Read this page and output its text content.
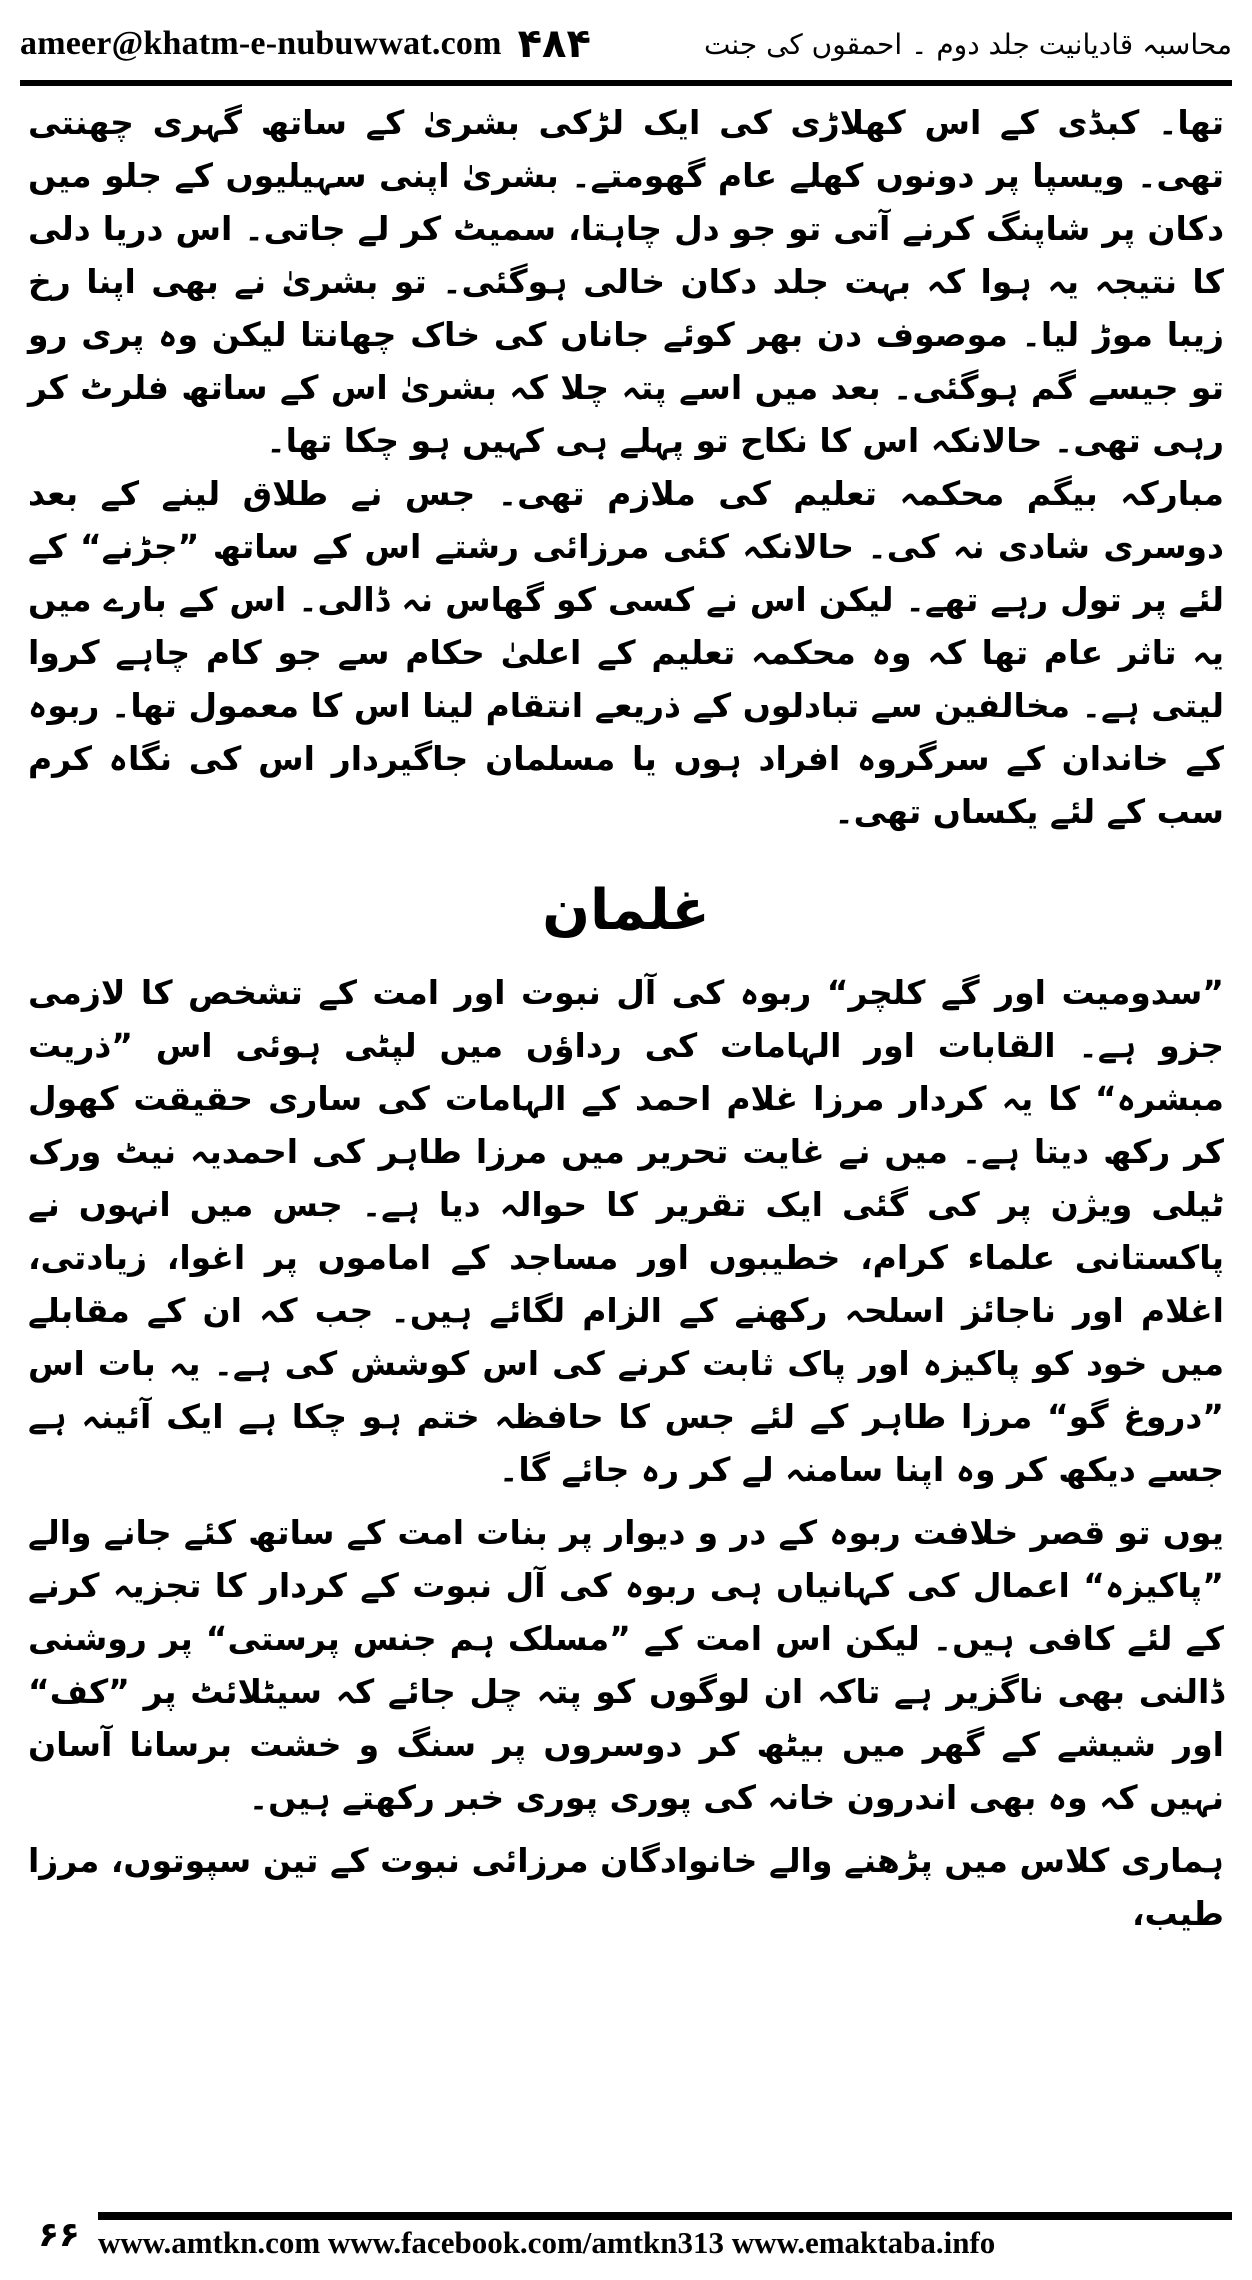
ameer@khatm-e-nubuwwat.com ۴۸۴	محاسبہ قادیانیت جلد دوم ۔ احمقوں کی جنت

تھا۔ کبڈی کے اس کھلاڑی کی ایک لڑکی بشریٰ کے ساتھ گہری چھنتی تھی۔ ویسپا پر دونوں کھلے عام گھومتے۔ بشریٰ اپنی سہیلیوں کے جلو میں دکان پر شاپنگ کرنے آتی تو جو دل چاہتا، سمیٹ کر لے جاتی۔ اس دریا دلی کا نتیجہ یہ ہوا کہ بہت جلد دکان خالی ہوگئی۔ تو بشریٰ نے بھی اپنا رخ زیبا موڑ لیا۔ موصوف دن بھر کوئے جاناں کی خاک چھانتا لیکن وہ پری رو تو جیسے گم ہوگئی۔ بعد میں اسے پتہ چلا کہ بشریٰ اس کے ساتھ فلرٹ کر رہی تھی۔ حالانکہ اس کا نکاح تو پہلے ہی کہیں ہو چکا تھا۔

مبارکہ بیگم محکمہ تعلیم کی ملازم تھی۔ جس نے طلاق لینے کے بعد دوسری شادی نہ کی۔ حالانکہ کئی مرزائی رشتے اس کے ساتھ ”جڑنے“ کے لئے پر تول رہے تھے۔ لیکن اس نے کسی کو گھاس نہ ڈالی۔ اس کے بارے میں یہ تاثر عام تھا کہ وہ محکمہ تعلیم کے اعلیٰ حکام سے جو کام چاہے کروا لیتی ہے۔ مخالفین سے تبادلوں کے ذریعے انتقام لینا اس کا معمول تھا۔ ربوہ کے خاندان کے سرگروہ افراد ہوں یا مسلمان جاگیردار اس کی نگاہ کرم سب کے لئے یکساں تھی۔

غلمان

”سدومیت اور گے کلچر“ ربوہ کی آل نبوت اور امت کے تشخص کا لازمی جزو ہے۔ القابات اور الہامات کی رداؤں میں لپٹی ہوئی اس ”ذریت مبشرہ“ کا یہ کردار مرزا غلام احمد کے الہامات کی ساری حقیقت کھول کر رکھ دیتا ہے۔ میں نے غایت تحریر میں مرزا طاہر کی احمدیہ نیٹ ورک ٹیلی ویژن پر کی گئی ایک تقریر کا حوالہ دیا ہے۔ جس میں انہوں نے پاکستانی علماء کرام، خطیبوں اور مساجد کے اماموں پر اغوا، زیادتی، اغلام اور ناجائز اسلحہ رکھنے کے الزام لگائے ہیں۔ جب کہ ان کے مقابلے میں خود کو پاکیزہ اور پاک ثابت کرنے کی اس کوشش کی ہے۔ یہ بات اس ”دروغ گو“ مرزا طاہر کے لئے جس کا حافظہ ختم ہو چکا ہے ایک آئینہ ہے جسے دیکھ کر وہ اپنا سامنہ لے کر رہ جائے گا۔

یوں تو قصر خلافت ربوہ کے در و دیوار پر بنات امت کے ساتھ کئے جانے والے ”پاکیزہ“ اعمال کی کہانیاں ہی ربوہ کی آل نبوت کے کردار کا تجزیہ کرنے کے لئے کافی ہیں۔ لیکن اس امت کے ”مسلک ہم جنس پرستی“ پر روشنی ڈالنی بھی ناگزیر ہے تاکہ ان لوگوں کو پتہ چل جائے کہ سیٹلائٹ پر ”کف“ اور شیشے کے گھر میں بیٹھ کر دوسروں پر سنگ و خشت برسانا آسان نہیں کہ وہ بھی اندرون خانہ کی پوری پوری خبر رکھتے ہیں۔

ہماری کلاس میں پڑھنے والے خانوادگان مرزائی نبوت کے تین سپوتوں، مرزا طیب،

۶۶ www.amtkn.com www.facebook.com/amtkn313 www.emaktaba.info
